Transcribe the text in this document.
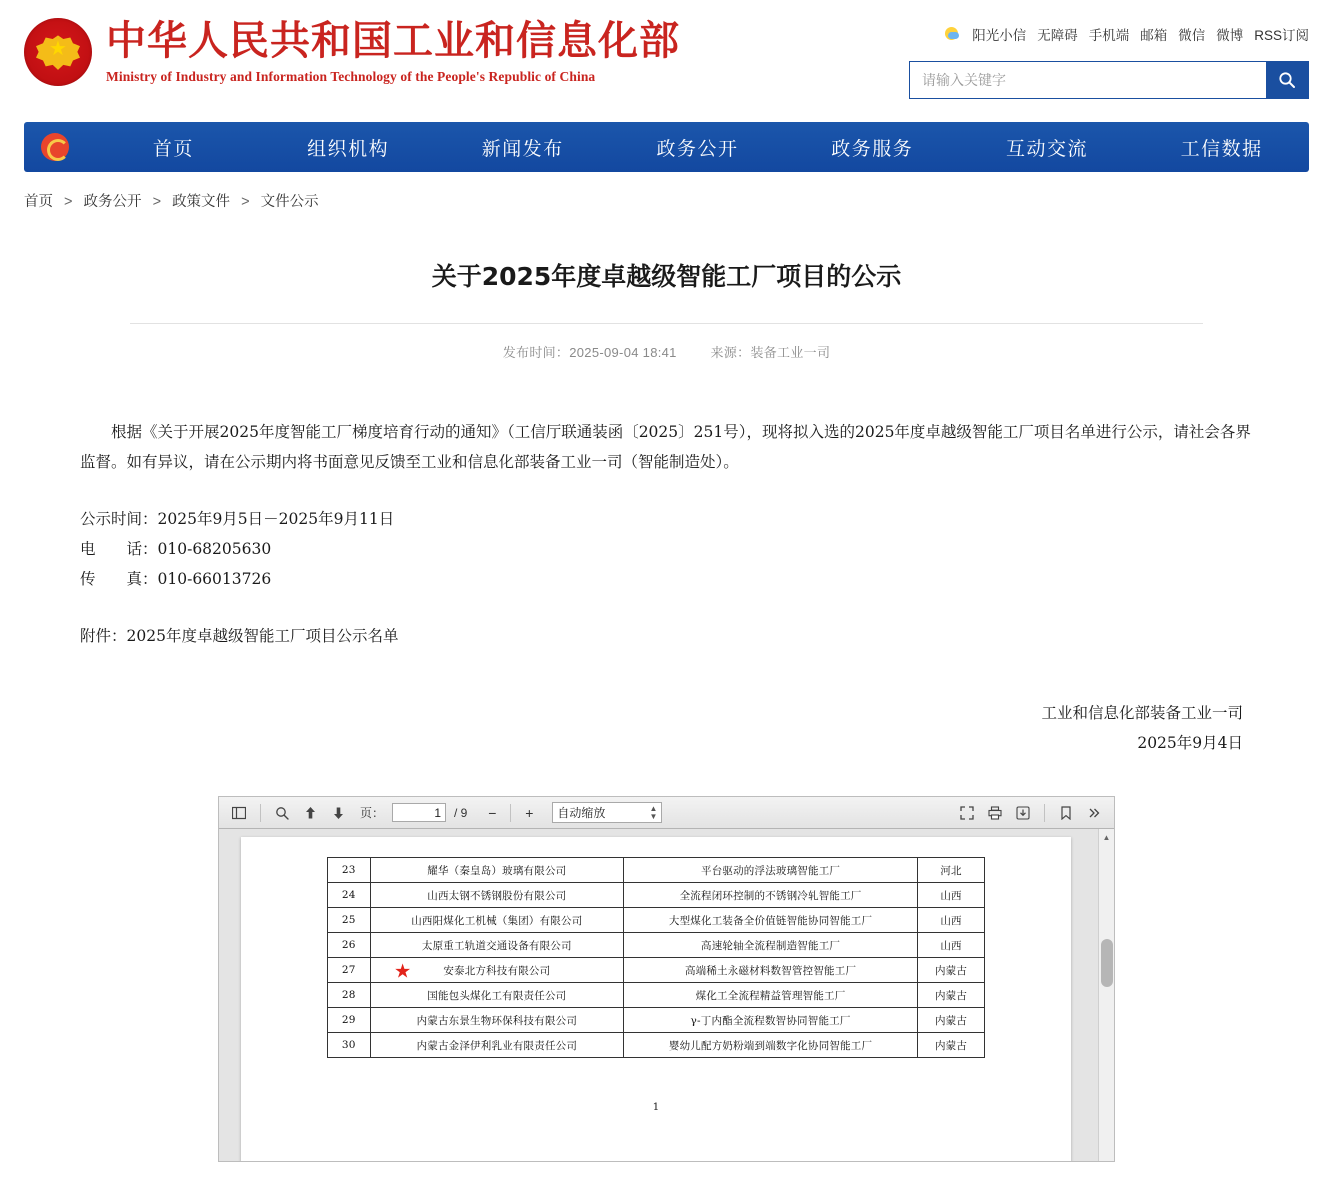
★ 中华人民共和国工业和信息化部
Ministry of Industry and Information Technology of the People's Republic of China
阳光小信 无障碍 手机端 邮箱 微信 微博 RSS订阅
请输入关键字
首页	组织机构	新闻发布	政务公开	政务服务	互动交流	工信数据
首页 > 政务公开 > 政策文件 > 文件公示
关于2025年度卓越级智能工厂项目的公示
发布时间：2025-09-04 18:41	来源：装备工业一司

根据《关于开展2025年度智能工厂梯度培育行动的通知》（工信厅联通装函〔2025〕251号），现将拟入选的2025年度卓越级智能工厂项目名单进行公示，请社会各界监督。如有异议，请在公示期内将书面意见反馈至工业和信息化部装备工业一司（智能制造处）。

公示时间：2025年9月5日－2025年9月11日

电　　话：010-68205630

传　　真：010-66013726

附件：2025年度卓越级智能工厂项目公示名单

工业和信息化部装备工业一司
2025年9月4日
页：
1	/ 9	−	+	自动缩放	▲
▼
23	耀华（秦皇岛）玻璃有限公司	平台驱动的浮法玻璃智能工厂	河北
24	山西太钢不锈钢股份有限公司	全流程闭环控制的不锈钢冷轧智能工厂	山西
25	山西阳煤化工机械（集团）有限公司	大型煤化工装备全价值链智能协同智能工厂	山西
26	太原重工轨道交通设备有限公司	高速轮轴全流程制造智能工厂	山西
27	★ 安泰北方科技有限公司	高端稀土永磁材料数智管控智能工厂	内蒙古
28	国能包头煤化工有限责任公司	煤化工全流程精益管理智能工厂	内蒙古
29	内蒙古东景生物环保科技有限公司	γ-丁内酯全流程数智协同智能工厂	内蒙古
30	内蒙古金泽伊利乳业有限责任公司	婴幼儿配方奶粉端到端数字化协同智能工厂	内蒙古
1
▲
